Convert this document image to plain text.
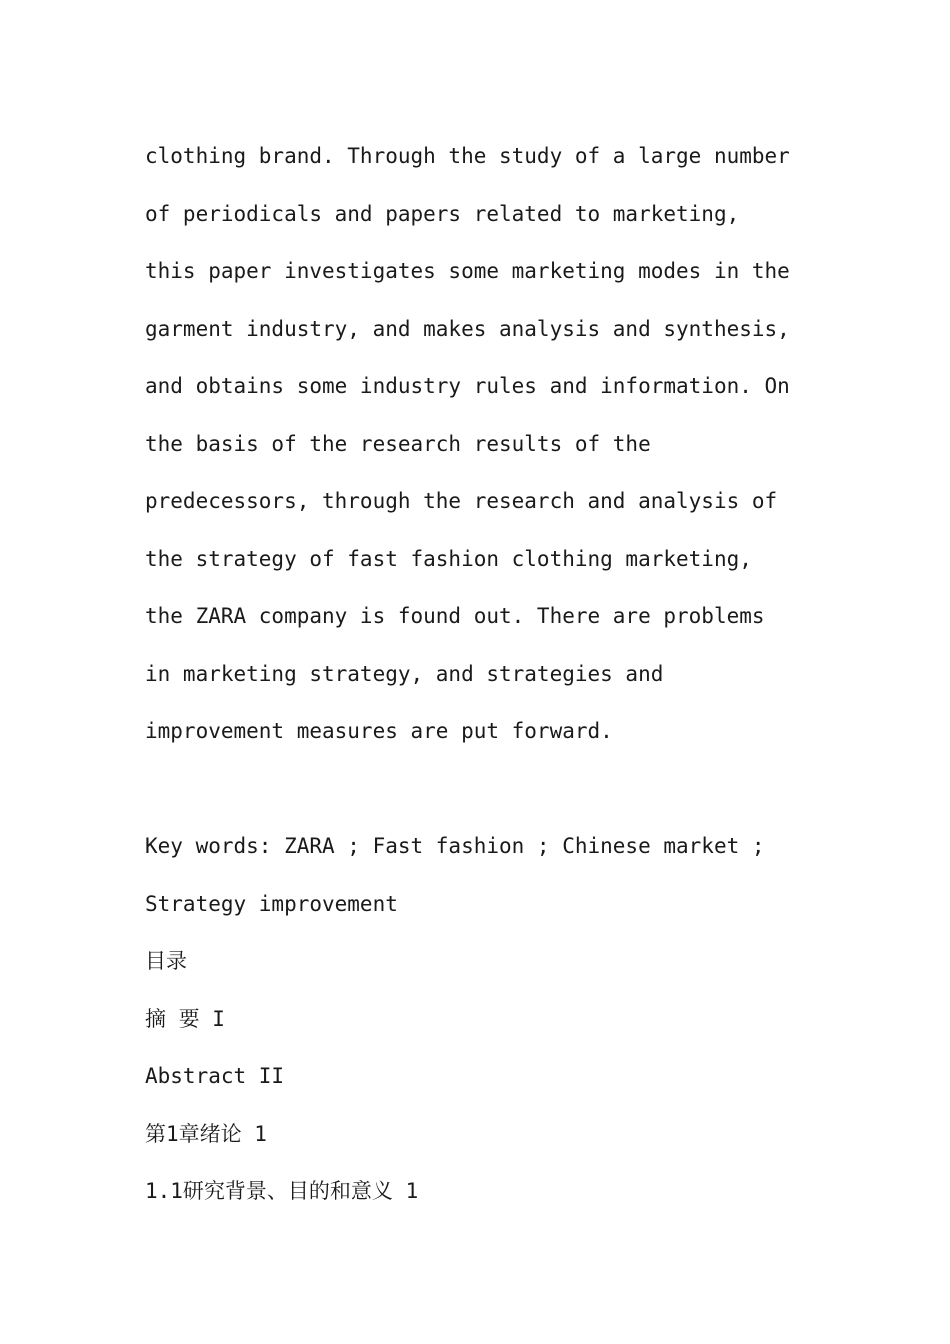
clothing brand. Through the study of a large number
of periodicals and papers related to marketing,
this paper investigates some marketing modes in the
garment industry, and makes analysis and synthesis,
and obtains some industry rules and information. On
the basis of the research results of the
predecessors, through the research and analysis of
the strategy of fast fashion clothing marketing,
the ZARA company is found out. There are problems
in marketing strategy, and strategies and
improvement measures are put forward.
Key words: ZARA ; Fast fashion ; Chinese market ;
Strategy improvement
目录
摘 要 I
Abstract II
第1章绪论 1
1.1研究背景、目的和意义 1
